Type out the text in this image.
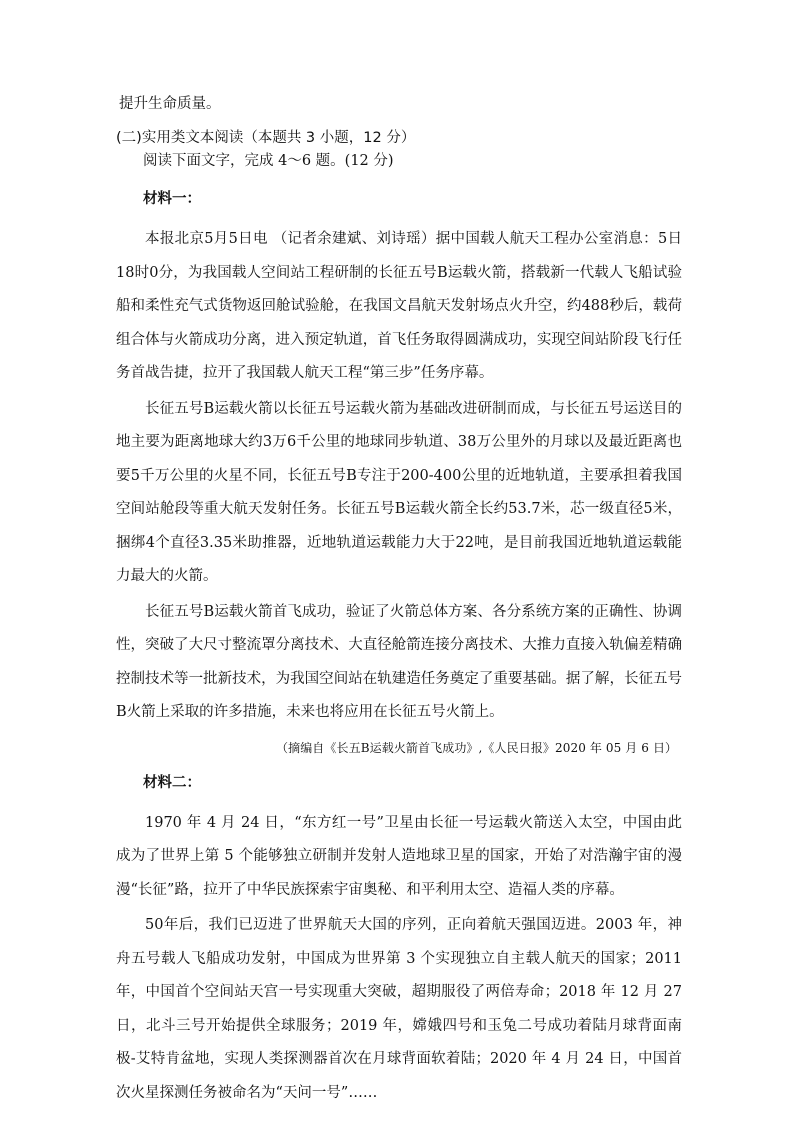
提升生命质量。

(二)实用类文本阅读（本题共 3 小题，12 分）

阅读下面文字，完成 4～6 题。(12 分)

材料一：

本报北京5月5日电 （记者余建斌、刘诗瑶）据中国载人航天工程办公室消息：5日18时0分，为我国载人空间站工程研制的长征五号B运载火箭，搭载新一代载人飞船试验船和柔性充气式货物返回舱试验舱，在我国文昌航天发射场点火升空，约488秒后，载荷组合体与火箭成功分离，进入预定轨道，首飞任务取得圆满成功，实现空间站阶段飞行任务首战告捷，拉开了我国载人航天工程“第三步”任务序幕。

长征五号B运载火箭以长征五号运载火箭为基础改进研制而成，与长征五号运送目的地主要为距离地球大约3万6千公里的地球同步轨道、38万公里外的月球以及最近距离也要5千万公里的火星不同，长征五号B专注于200-400公里的近地轨道，主要承担着我国空间站舱段等重大航天发射任务。长征五号B运载火箭全长约53.7米，芯一级直径5米，捆绑4个直径3.35米助推器，近地轨道运载能力大于22吨，是目前我国近地轨道运载能力最大的火箭。

长征五号B运载火箭首飞成功，验证了火箭总体方案、各分系统方案的正确性、协调性，突破了大尺寸整流罩分离技术、大直径舱箭连接分离技术、大推力直接入轨偏差精确控制技术等一批新技术，为我国空间站在轨建造任务奠定了重要基础。据了解，长征五号B火箭上采取的许多措施，未来也将应用在长征五号火箭上。

（摘编自《长五B运载火箭首飞成功》,《人民日报》2020 年 05 月 6 日）

材料二：

1970 年 4 月 24 日，“东方红一号”卫星由长征一号运载火箭送入太空，中国由此成为了世界上第 5 个能够独立研制并发射人造地球卫星的国家，开始了对浩瀚宇宙的漫漫“长征”路，拉开了中华民族探索宇宙奥秘、和平利用太空、造福人类的序幕。

50年后，我们已迈进了世界航天大国的序列，正向着航天强国迈进。2003 年，神舟五号载人飞船成功发射，中国成为世界第 3 个实现独立自主载人航天的国家；2011 年，中国首个空间站天宫一号实现重大突破，超期服役了两倍寿命；2018 年 12 月 27 日，北斗三号开始提供全球服务；2019 年，嫦娥四号和玉兔二号成功着陆月球背面南极-艾特肯盆地，实现人类探测器首次在月球背面软着陆；2020 年 4 月 24 日，中国首次火星探测任务被命名为“天问一号”……
